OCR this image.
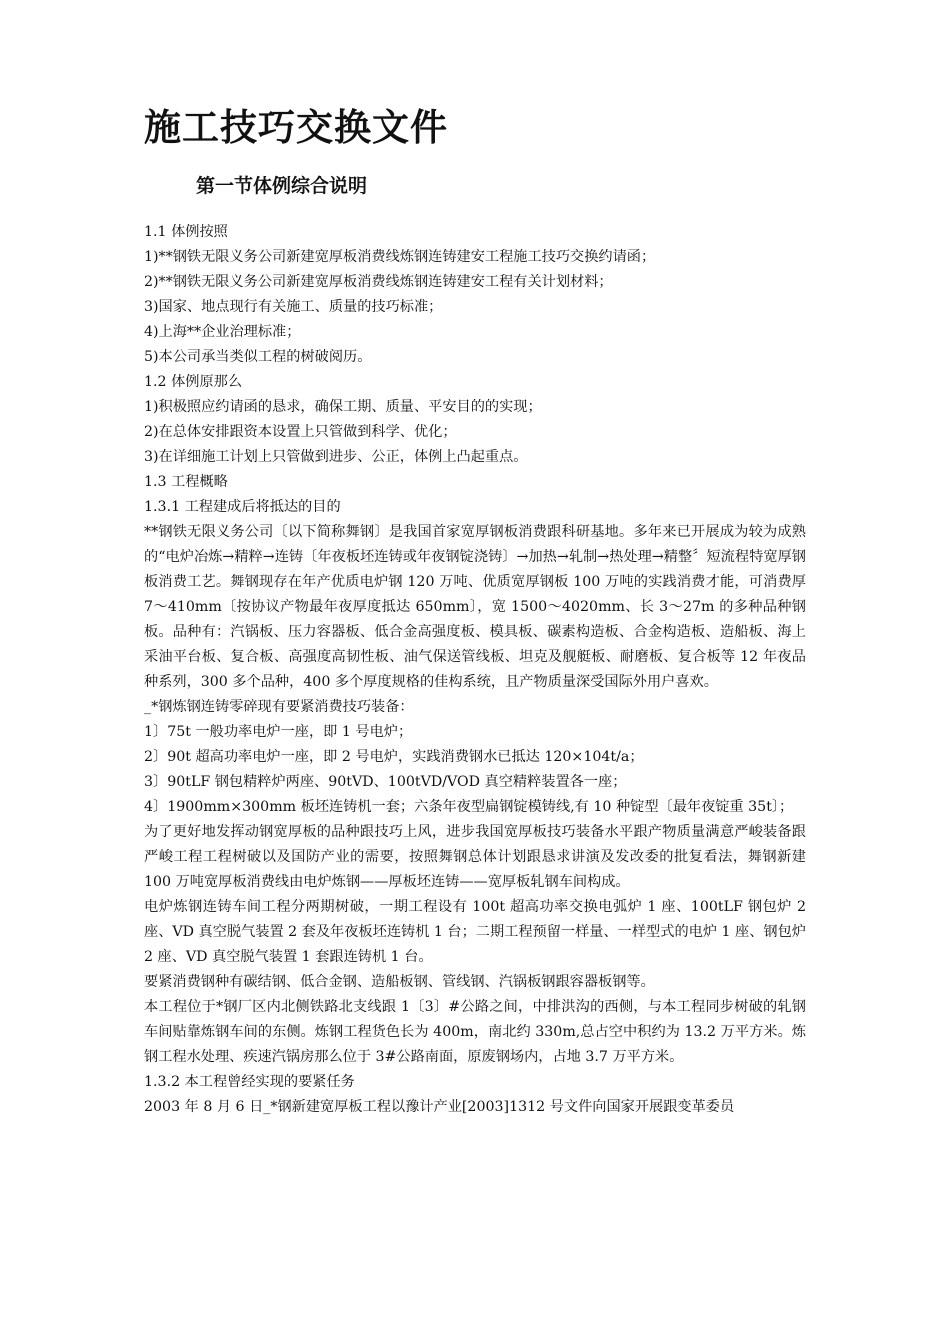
施工技巧交换文件
第一节体例综合说明
1.1 体例按照
1)**钢铁无限义务公司新建宽厚板消费线炼钢连铸建安工程施工技巧交换约请函；
2)**钢铁无限义务公司新建宽厚板消费线炼钢连铸建安工程有关计划材料；
3)国家、地点现行有关施工、质量的技巧标准；
4)上海**企业治理标准；
5)本公司承当类似工程的树破阅历。
1.2 体例原那么
1)积极照应约请函的恳求，确保工期、质量、平安目的的实现；
2)在总体安排跟资本设置上只管做到科学、优化；
3)在详细施工计划上只管做到进步、公正，体例上凸起重点。
1.3 工程概略
1.3.1 工程建成后将抵达的目的
**钢铁无限义务公司〔以下简称舞钢〕是我国首家宽厚钢板消费跟科研基地。多年来已开展成为较为成熟的“电炉冶炼→精粹→连铸〔年夜板坯连铸或年夜钢锭浇铸〕→加热→轧制→热处理→精整〞短流程特宽厚钢板消费工艺。舞钢现存在年产优质电炉钢 120 万吨、优质宽厚钢板 100 万吨的实践消费才能，可消费厚 7～410mm〔按协议产物最年夜厚度抵达 650mm〕，宽 1500～4020mm、长 3～27m 的多种品种钢板。品种有：汽锅板、压力容器板、低合金高强度板、模具板、碳素构造板、合金构造板、造船板、海上采油平台板、复合板、高强度高韧性板、油气保送管线板、坦克及舰艇板、耐磨板、复合板等 12 年夜品种系列，300 多个品种，400 多个厚度规格的佳构系统，且产物质量深受国际外用户喜欢。
_*钢炼钢连铸零碎现有要紧消费技巧装备：
1〕75t 一般功率电炉一座，即 1 号电炉；
2〕90t 超高功率电炉一座，即 2 号电炉，实践消费钢水已抵达 120×104t/a；
3〕90tLF 钢包精粹炉两座、90tVD、100tVD/VOD 真空精粹装置各一座；
4〕1900mm×300mm 板坯连铸机一套；六条年夜型扁钢锭模铸线,有 10 种锭型〔最年夜锭重 35t〕；
为了更好地发挥动钢宽厚板的品种跟技巧上风，进步我国宽厚板技巧装备水平跟产物质量满意严峻装备跟严峻工程工程树破以及国防产业的需要，按照舞钢总体计划跟恳求讲演及发改委的批复看法，舞钢新建 100 万吨宽厚板消费线由电炉炼钢——厚板坯连铸——宽厚板轧钢车间构成。
电炉炼钢连铸车间工程分两期树破，一期工程设有 100t 超高功率交换电弧炉 1 座、100tLF 钢包炉 2 座、VD 真空脱气装置 2 套及年夜板坯连铸机 1 台；二期工程预留一样量、一样型式的电炉 1 座、钢包炉 2 座、VD 真空脱气装置 1 套跟连铸机 1 台。
要紧消费钢种有碳结钢、低合金钢、造船板钢、管线钢、汽锅板钢跟容器板钢等。
本工程位于*钢厂区内北侧铁路北支线跟 1〔3〕#公路之间，中排洪沟的西侧，与本工程同步树破的轧钢车间贴靠炼钢车间的东侧。炼钢工程货色长为 400m，南北约 330m,总占空中积约为 13.2 万平方米。炼钢工程水处理、疾速汽锅房那么位于 3#公路南面，原废钢场内，占地 3.7 万平方米。
1.3.2 本工程曾经实现的要紧任务
2003 年 8 月 6 日_*钢新建宽厚板工程以豫计产业[2003]1312 号文件向国家开展跟变革委员
